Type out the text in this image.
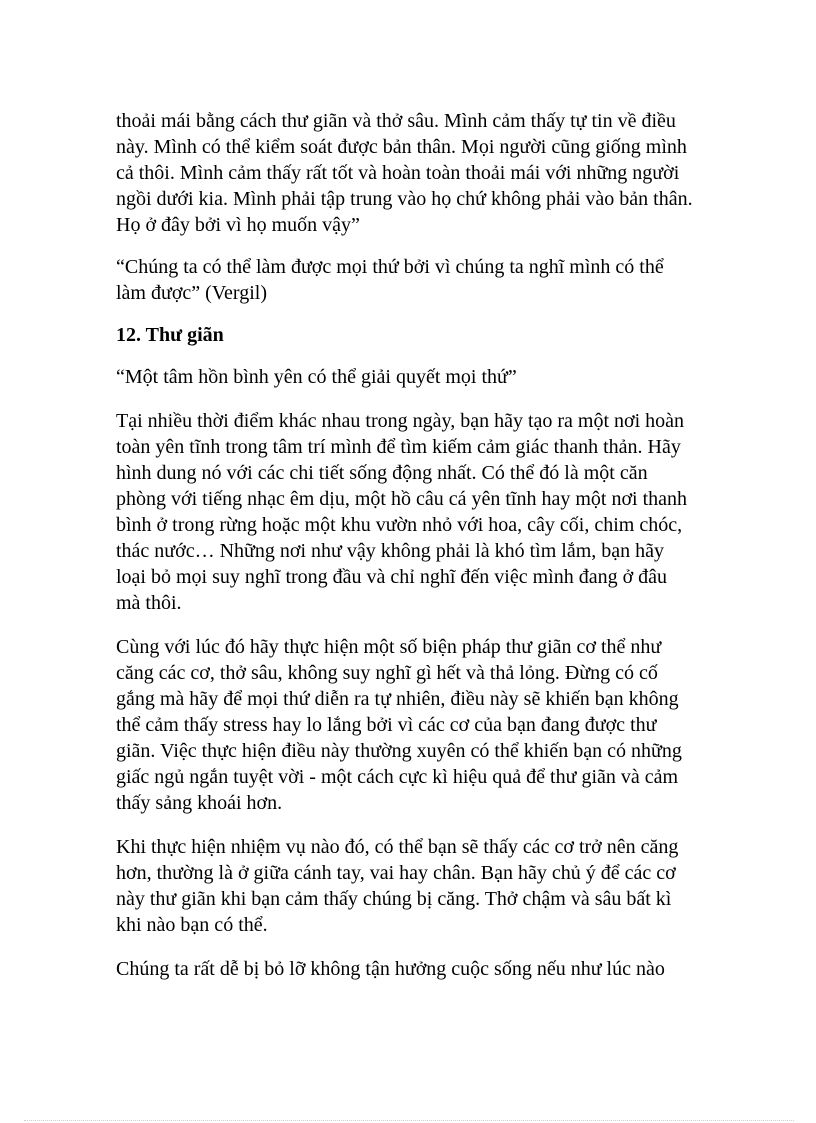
thoải mái bằng cách thư giãn và thở sâu. Mình cảm thấy tự tin về điều
này. Mình có thể kiểm soát được bản thân. Mọi người cũng giống mình
cả thôi. Mình cảm thấy rất tốt và hoàn toàn thoải mái với những người
ngồi dưới kia. Mình phải tập trung vào họ chứ không phải vào bản thân.
Họ ở đây bởi vì họ muốn vậy”

“Chúng ta có thể làm được mọi thứ bởi vì chúng ta nghĩ mình có thể
làm được” (Vergil)

12. Thư giãn

“Một tâm hồn bình yên có thể giải quyết mọi thứ”

Tại nhiều thời điểm khác nhau trong ngày, bạn hãy tạo ra một nơi hoàn
toàn yên tĩnh trong tâm trí mình để tìm kiếm cảm giác thanh thản. Hãy
hình dung nó với các chi tiết sống động nhất. Có thể đó là một căn
phòng với tiếng nhạc êm dịu, một hồ câu cá yên tĩnh hay một nơi thanh
bình ở trong rừng hoặc một khu vườn nhỏ với hoa, cây cối, chim chóc,
thác nước… Những nơi như vậy không phải là khó tìm lắm, bạn hãy
loại bỏ mọi suy nghĩ trong đầu và chỉ nghĩ đến việc mình đang ở đâu
mà thôi.

Cùng với lúc đó hãy thực hiện một số biện pháp thư giãn cơ thể như
căng các cơ, thở sâu, không suy nghĩ gì hết và thả lỏng. Đừng có cố
gắng mà hãy để mọi thứ diễn ra tự nhiên, điều này sẽ khiến bạn không
thể cảm thấy stress hay lo lắng bởi vì các cơ của bạn đang được thư
giãn. Việc thực hiện điều này thường xuyên có thể khiến bạn có những
giấc ngủ ngắn tuyệt vời - một cách cực kì hiệu quả để thư giãn và cảm
thấy sảng khoái hơn.

Khi thực hiện nhiệm vụ nào đó, có thể bạn sẽ thấy các cơ trở nên căng
hơn, thường là ở giữa cánh tay, vai hay chân. Bạn hãy chủ ý để các cơ
này thư giãn khi bạn cảm thấy chúng bị căng. Thở chậm và sâu bất kì
khi nào bạn có thể.

Chúng ta rất dễ bị bỏ lỡ không tận hưởng cuộc sống nếu như lúc nào
